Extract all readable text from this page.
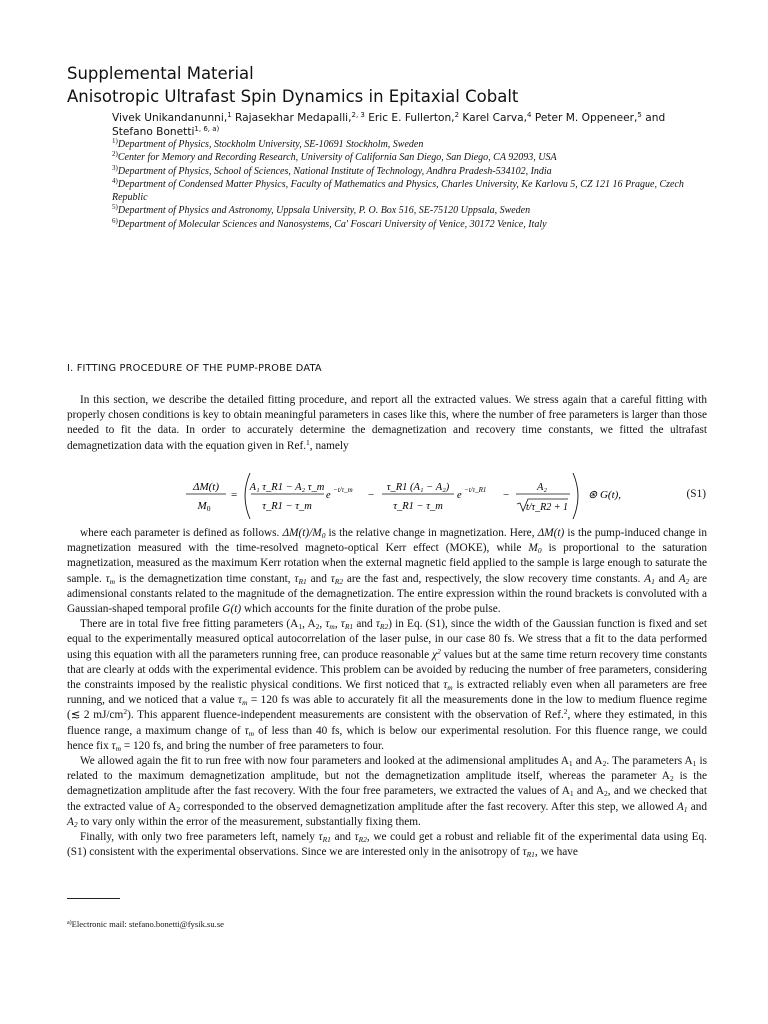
Supplemental Material
Anisotropic Ultrafast Spin Dynamics in Epitaxial Cobalt
Vivek Unikandanunni,$^1$ Rajasekhar Medapalli,$^{2, 3}$ Eric E. Fullerton,$^2$ Karel Carva,$^4$ Peter M. Oppeneer,$^5$ and
Stefano Bonetti$^{1, 6, a)}$

$^{1)}$Department of Physics, Stockholm University, SE-10691 Stockholm, Sweden

$^{2)}$Center for Memory and Recording Research, University of California San Diego, San Diego, CA 92093, USA

$^{3)}$Department of Physics, School of Sciences, National Institute of Technology, Andhra Pradesh-534102, India

$^{4)}$Department of Condensed Matter Physics, Faculty of Mathematics and Physics, Charles University, Ke Karlovu 5, CZ 121 16 Prague, Czech Republic

$^{5)}$Department of Physics and Astronomy, Uppsala University, P. O. Box 516, SE-75120 Uppsala, Sweden

$^{6)}$Department of Molecular Sciences and Nanosystems, Ca' Foscari University of Venice, 30172 Venice, Italy

I. FITTING PROCEDURE OF THE PUMP-PROBE DATA

In this section, we describe the detailed fitting procedure, and report all the extracted values. We stress again that a careful fitting with properly chosen conditions is key to obtain meaningful parameters in cases like this, where the number of free parameters is larger than those needed to fit the data. In order to accurately determine the demagnetization and recovery time constants, we fitted the ultrafast demagnetization data with the equation given in Ref.$^1$, namely

ΔM(t)
M0
=
A₁ τ_R1 − A₂ τ_m
τ_R1 − τ_m
e −t/τ_m −
τ_R1 (A₁ − A₂)
τ_R1 − τ_m
e −t/τ_R1 −
A₂
t/τ_R2 + 1
⊛ G(t),	(S1)

where each parameter is defined as follows. $\Delta M(t)/M_0$ is the relative change in magnetization. Here, ΔM(t) is the pump-induced change in magnetization measured with the time-resolved magneto-optical Kerr effect (MOKE), while $M_0$ is proportional to the saturation magnetization, measured as the maximum Kerr rotation when the external magnetic field applied to the sample is large enough to saturate the sample. $\tau_m$ is the demagnetization time constant, $\tau_{R1}$ and $\tau_{R2}$ are the fast and, respectively, the slow recovery time constants. $A_1$ and $A_2$ are adimensional constants related to the magnitude of the demagnetization. The entire expression within the round brackets is convoluted with a Gaussian-shaped temporal profile G(t) which accounts for the finite duration of the probe pulse.

There are in total five free fitting parameters ($A_1$, $A_2$, $\tau_m$, $\tau_{R1}$ and $\tau_{R2}$) in Eq. (S1), since the width of the Gaussian function is fixed and set equal to the experimentally measured optical autocorrelation of the laser pulse, in our case 80 fs. We stress that a fit to the data performed using this equation with all the parameters running free, can produce reasonable $\chi^2$ values but at the same time return recovery time constants that are clearly at odds with the experimental evidence. This problem can be avoided by reducing the number of free parameters, considering the constraints imposed by the realistic physical conditions. We first noticed that $\tau_m$ is extracted reliably even when all parameters are free running, and we noticed that a value $\tau_m = 120$ fs was able to accurately fit all the measurements done in the low to medium fluence regime (≲ 2 $mJ/cm^2$). This apparent fluence-independent measurements are consistent with the observation of Ref.$^2$, where they estimated, in this fluence range, a maximum change of $\tau_m$ of less than 40 fs, which is below our experimental resolution. For this fluence range, we could hence fix $\tau_m = 120$ fs, and bring the number of free parameters to four.

We allowed again the fit to run free with now four parameters and looked at the adimensional amplitudes $A_1$ and $A_2$. The parameters $A_1$ is related to the maximum demagnetization amplitude, but not the demagnetization amplitude itself, whereas the parameter $A_2$ is the demagnetization amplitude after the fast recovery. With the four free parameters, we extracted the values of $A_1$ and $A_2$, and we checked that the extracted value of $A_2$ corresponded to the observed demagnetization amplitude after the fast recovery. After this step, we allowed $A_1$ and $A_2$ to vary only within the error of the measurement, substantially fixing them.

Finally, with only two free parameters left, namely $\tau_{R1}$ and $\tau_{R2}$, we could get a robust and reliable fit of the experimental data using Eq. (S1) consistent with the experimental observations. Since we are interested only in the anisotropy of $\tau_{R1}$, we have

$^{a)}$Electronic mail: stefano.bonetti@fysik.su.se
